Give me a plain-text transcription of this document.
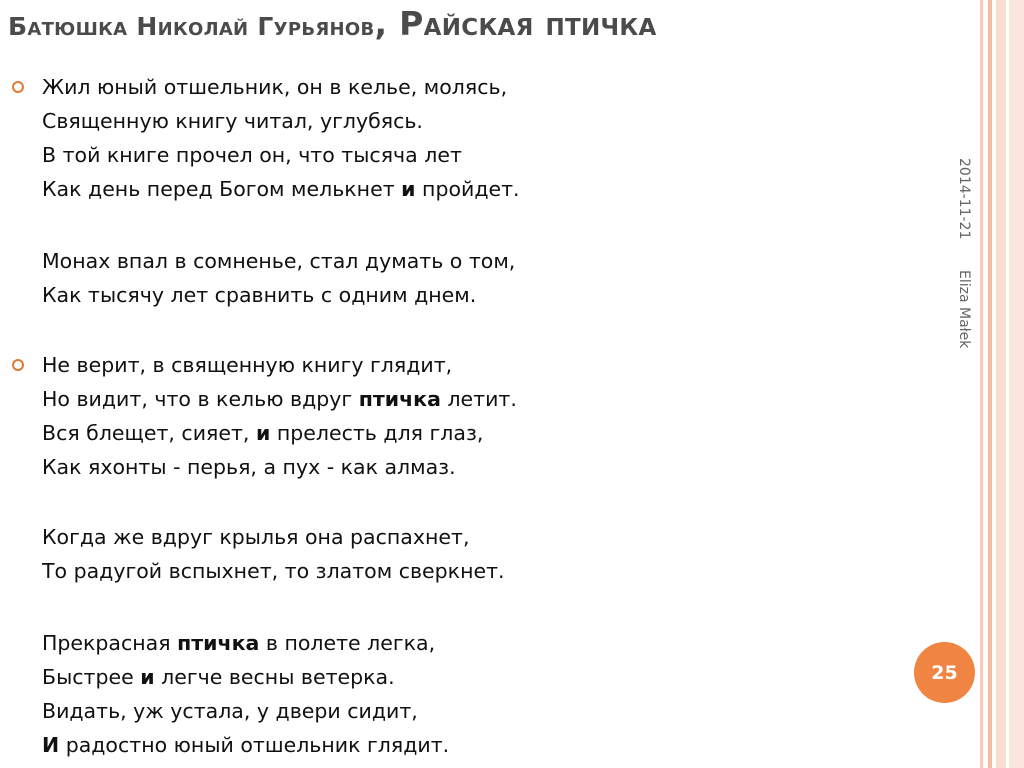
Батюшка Николай Гурьянов, Райская птичка
Жил юный отшельник, он в келье, молясь,
Священную книгу читал, углубясь.
В той книге прочел он, что тысяча лет
Как день перед Богом мелькнет и пройдет.
Монах впал в сомненье, стал думать о том,
Как тысячу лет сравнить с одним днем.
Не верит, в священную книгу глядит,
Но видит, что в келью вдруг птичка летит.
Вся блещет, сияет, и прелесть для глаз,
Как яхонты - перья, а пух - как алмаз.
Когда же вдруг крылья она распахнет,
То радугой вспыхнет, то златом сверкнет.
Прекрасная птичка в полете легка,
Быстрее и легче весны ветерка.
Видать, уж устала, у двери сидит,
И радостно юный отшельник глядит.
2014-11-21
Eliza Małek
25
